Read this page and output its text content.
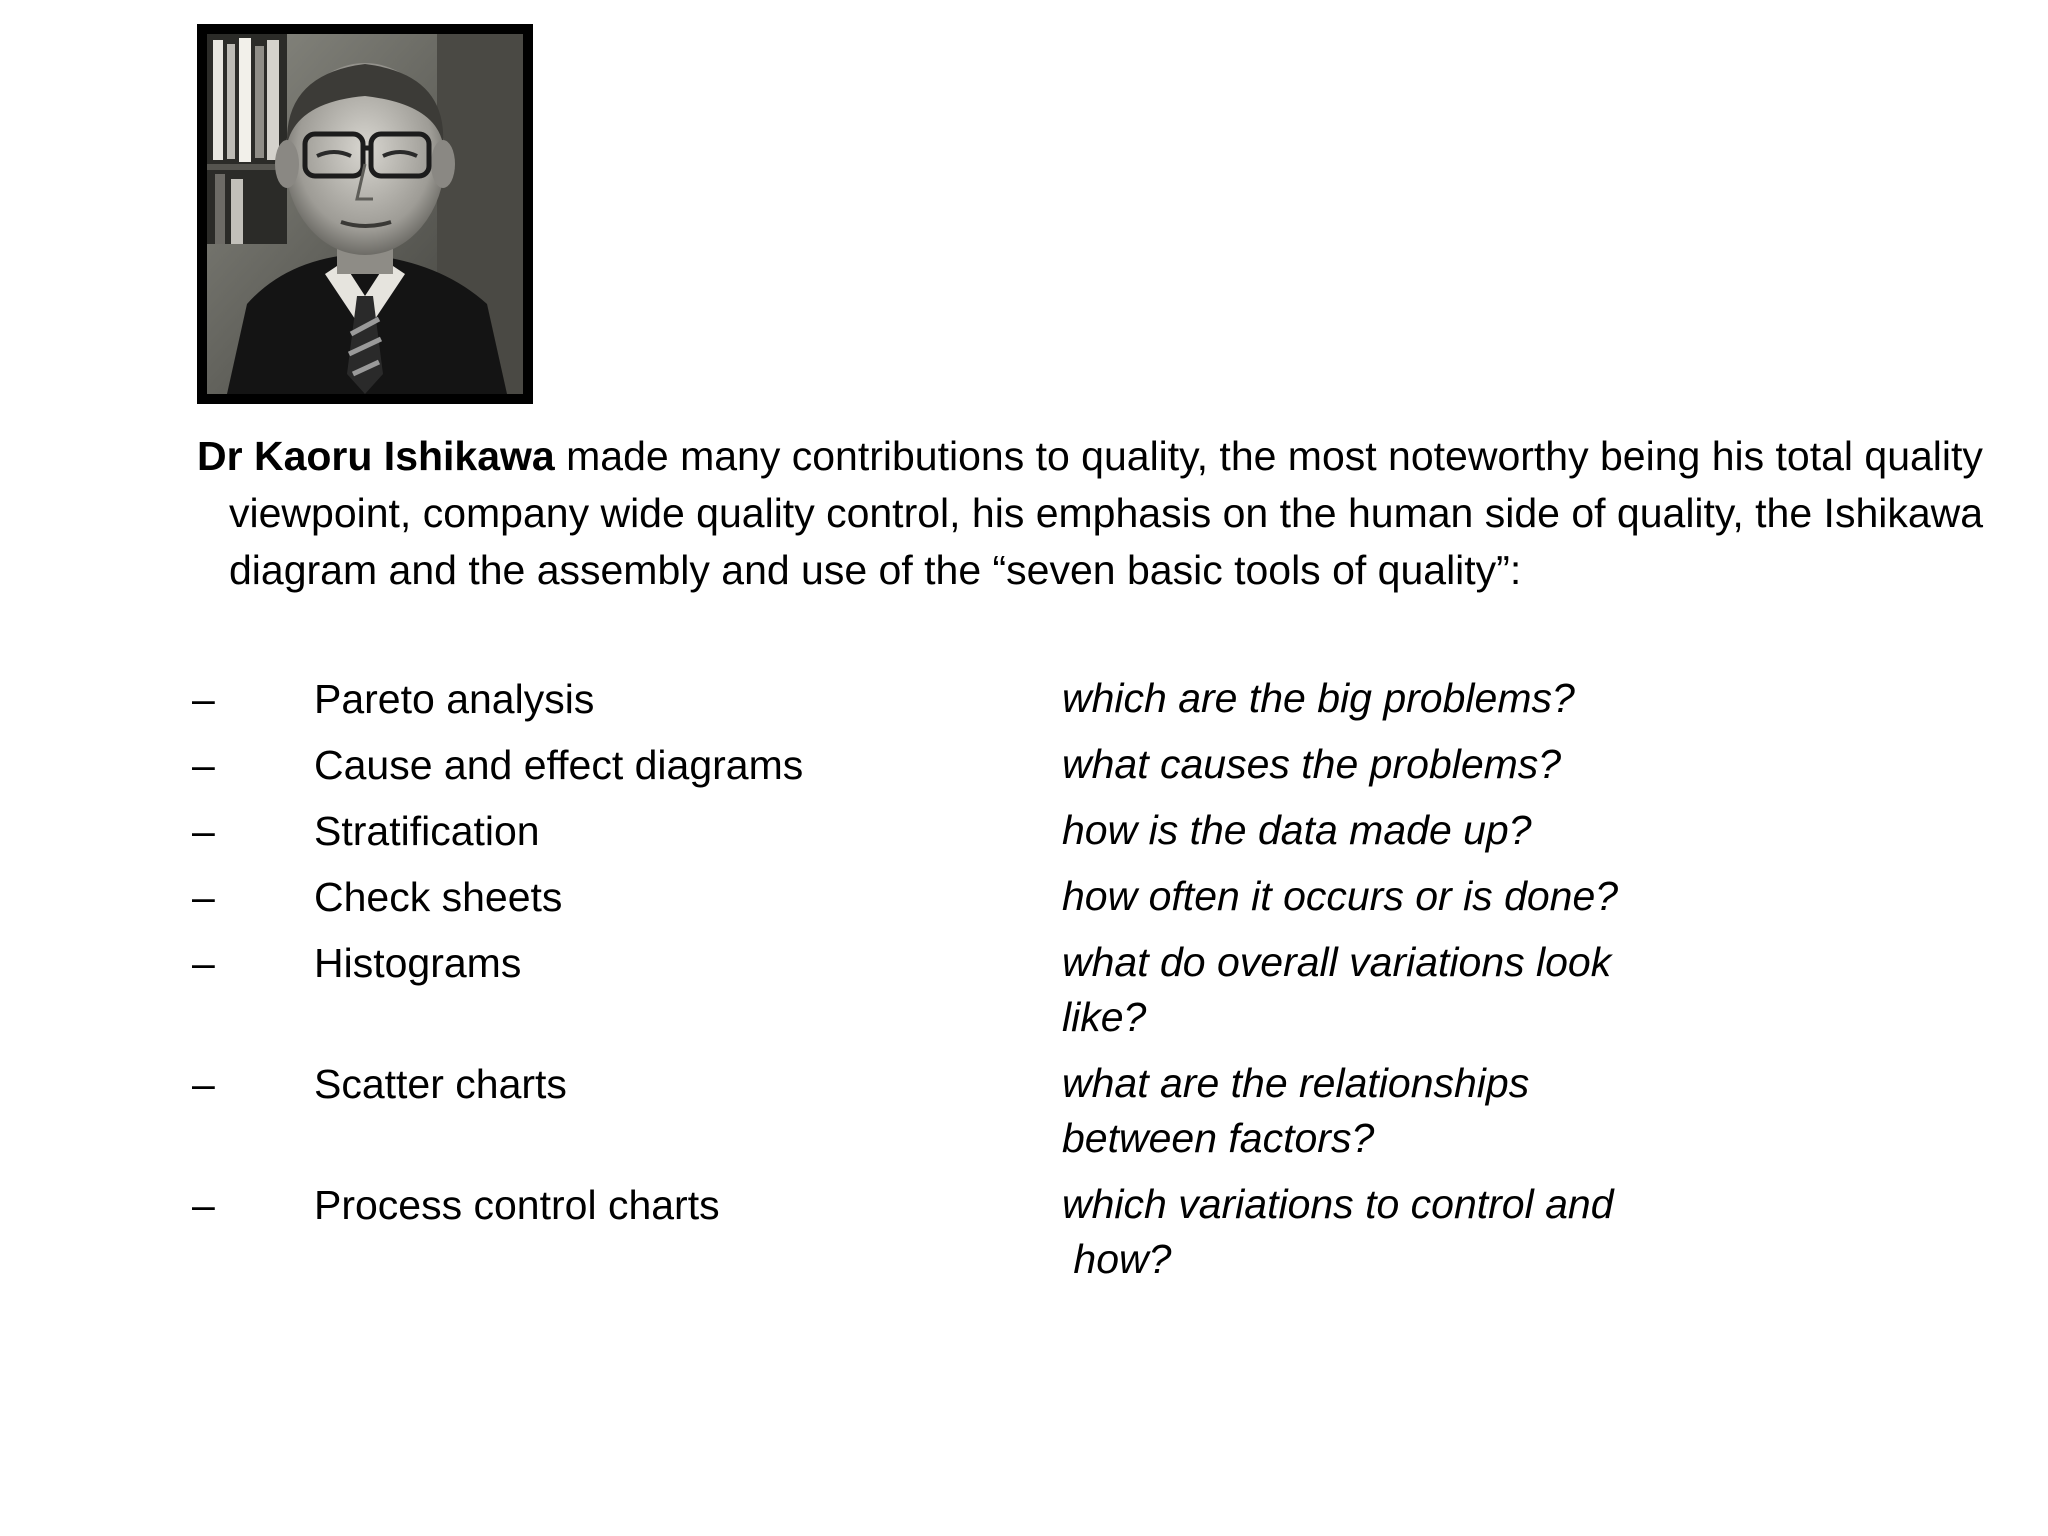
Dr Kaoru Ishikawa made many contributions to quality, the most noteworthy being his total quality viewpoint, company wide quality control, his emphasis on the human side of quality, the Ishikawa diagram and the assembly and use of the “seven basic tools of quality”:

– Pareto analysis	which are the big problems?
– Cause and effect diagrams	what causes the problems?
– Stratification	how is the data made up?
– Check sheets	how often it occurs or is done?
– Histograms	what do overall variations look like?
– Scatter charts	what are the relationships between factors?
– Process control charts	which variations to control and
how?
